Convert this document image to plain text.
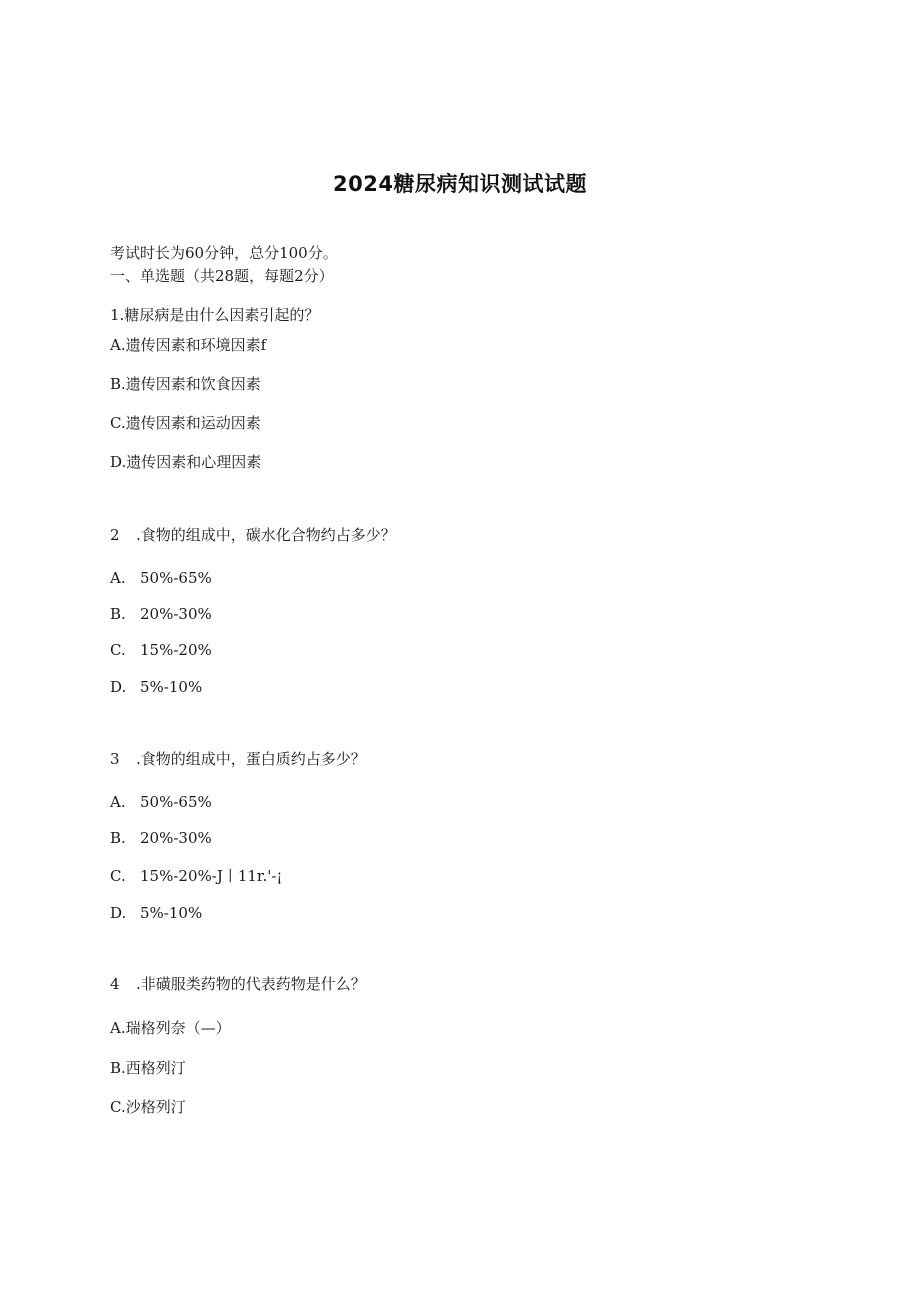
2024糖尿病知识测试试题
考试时长为60分钟，总分100分。
一、单选题（共28题，每题2分）
1.糖尿病是由什么因素引起的？
A.遗传因素和环境因素f
B.遗传因素和饮食因素
C.遗传因素和运动因素
D.遗传因素和心理因素
2 .食物的组成中，碳水化合物约占多少？
A. 50%-65%
B. 20%-30%
C. 15%-20%
D. 5%-10%
3 .食物的组成中，蛋白质约占多少？
A. 50%-65%
B. 20%-30%
C. 15%-20%-J丨11r.'-¡
D. 5%-10%
4 .非磺服类药物的代表药物是什么？
A.瑞格列奈（—）
B.西格列汀
C.沙格列汀
